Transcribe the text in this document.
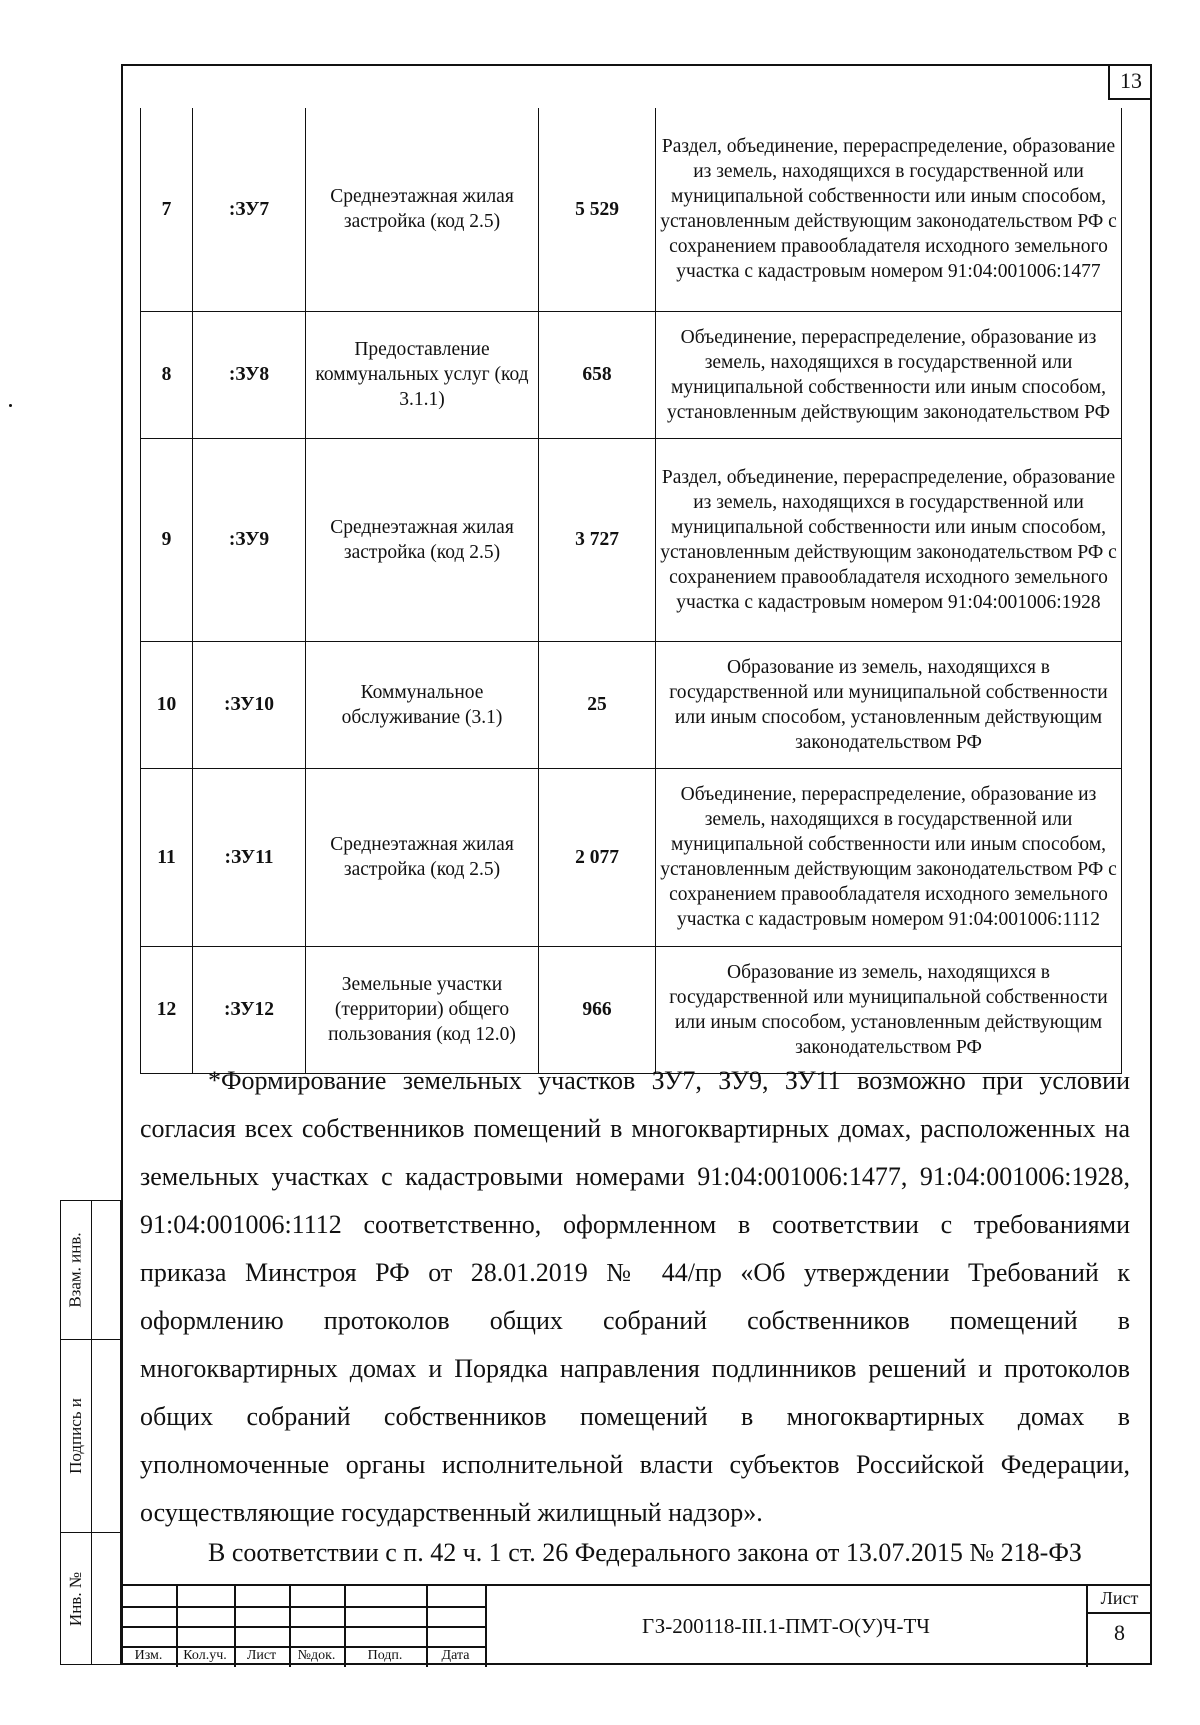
13
7	:ЗУ7	Среднеэтажная жилая застройка (код 2.5)	5 529	Раздел, объединение, перераспределение, образование из земель, находящихся в государственной или муниципальной собственности или иным способом, установленным действующим законодательством РФ с сохранением правообладателя исходного земельного участка с кадастровым номером 91:04:001006:1477
8	:ЗУ8	Предоставление коммунальных услуг (код 3.1.1)	658	Объединение, перераспределение, образование из земель, находящихся в государственной или муниципальной собственности или иным способом, установленным действующим законодательством РФ
9	:ЗУ9	Среднеэтажная жилая застройка (код 2.5)	3 727	Раздел, объединение, перераспределение, образование из земель, находящихся в государственной или муниципальной собственности или иным способом, установленным действующим законодательством РФ с сохранением правообладателя исходного земельного участка с кадастровым номером 91:04:001006:1928
10	:ЗУ10	Коммунальное обслуживание (3.1)	25	Образование из земель, находящихся в государственной или муниципальной собственности или иным способом, установленным действующим законодательством РФ
11	:ЗУ11	Среднеэтажная жилая застройка (код 2.5)	2 077	Объединение, перераспределение, образование из земель, находящихся в государственной или муниципальной собственности или иным способом, установленным действующим законодательством РФ с сохранением правообладателя исходного земельного участка с кадастровым номером 91:04:001006:1112
12	:ЗУ12	Земельные участки (территории) общего пользования (код 12.0)	966	Образование из земель, находящихся в государственной или муниципальной собственности или иным способом, установленным действующим законодательством РФ

*Формирование земельных участков ЗУ7, ЗУ9, ЗУ11 возможно при условии согласия всех собственников помещений в многоквартирных домах, расположенных на земельных участках с кадастровыми номерами 91:04:001006:1477, 91:04:001006:1928, 91:04:001006:1112 соответственно, оформленном в соответствии с требованиями приказа Минстроя РФ от 28.01.2019 № 44/пр «Об утверждении Требований к оформлению протоколов общих собраний собственников помещений в многоквартирных домах и Порядка направления подлинников решений и протоколов общих собраний собственников помещений в многоквартирных домах в уполномоченные органы исполнительной власти субъектов Российской Федерации, осуществляющие государственный жилищный надзор».

В соответствии с п. 42 ч. 1 ст. 26 Федерального закона от 13.07.2015 № 218-ФЗ
Взам. инв.
Подпись и
Инв. №
Изм.	Кол.уч.	Лист	№док.	Подп.	Дата
ГЗ-200118-III.1-ПМТ-О(У)Ч-ТЧ
Лист
8
